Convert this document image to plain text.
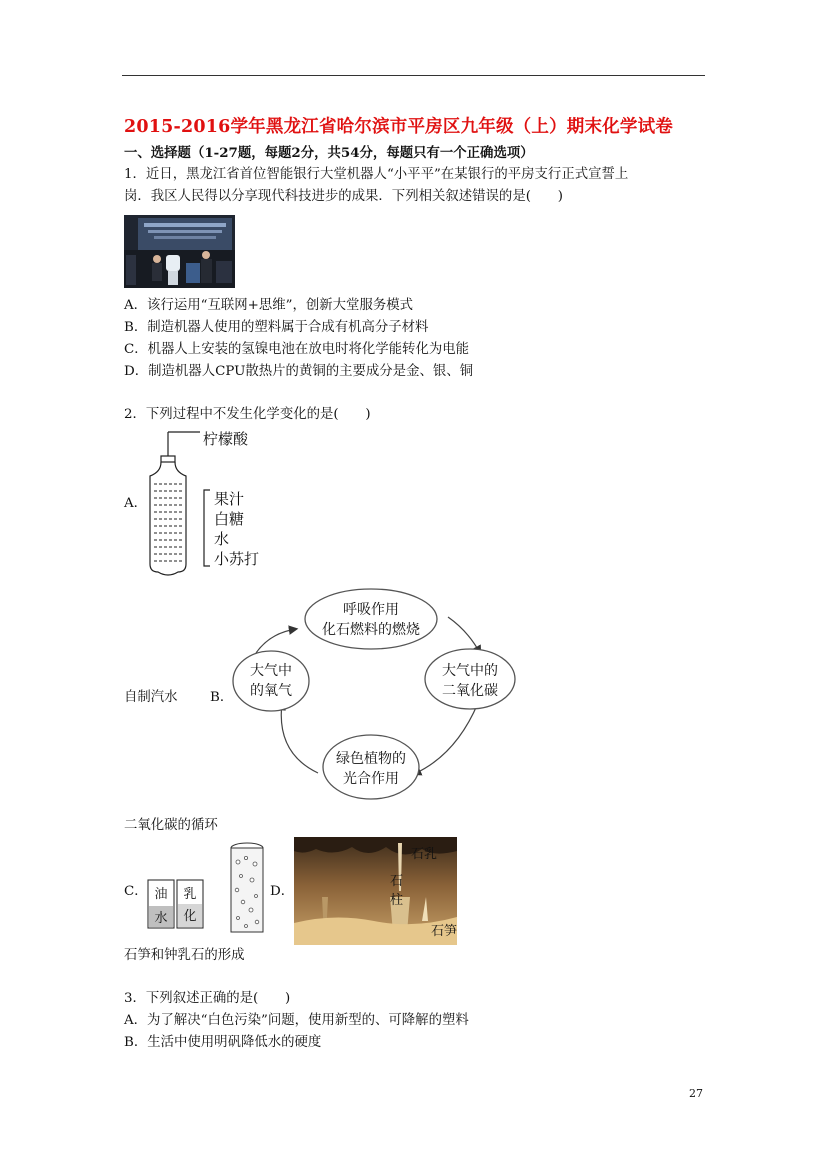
2015-2016学年黑龙江省哈尔滨市平房区九年级（上）期末化学试卷
一、选择题（1-27题，每题2分，共54分，每题只有一个正确选项）
1．近日，黑龙江省首位智能银行大堂机器人“小平平”在某银行的平房支行正式宣誓上
岗．我区人民得以分享现代科技进步的成果．下列相关叙述错误的是(　　)
A．该行运用“互联网+思维”，创新大堂服务模式
B．制造机器人使用的塑料属于合成有机高分子材料
C．机器人上安装的氢镍电池在放电时将化学能转化为电能
D．制造机器人CPU散热片的黄铜的主要成分是金、银、铜
2．下列过程中不发生化学变化的是(　　)
A．
柠檬酸
果汁
白糖
水
小苏打
自制汽水 B．
呼吸作用
化石燃料的燃烧
大气中的
二氧化碳
绿色植物的
光合作用
大气中
的氧气
二氧化碳的循环
C． 油
水
乳
化
D．
石乳
石
柱
石笋
石笋和钟乳石的形成
3．下列叙述正确的是(　　)
A．为了解决“白色污染”问题，使用新型的、可降解的塑料
B．生活中使用明矾降低水的硬度
27
